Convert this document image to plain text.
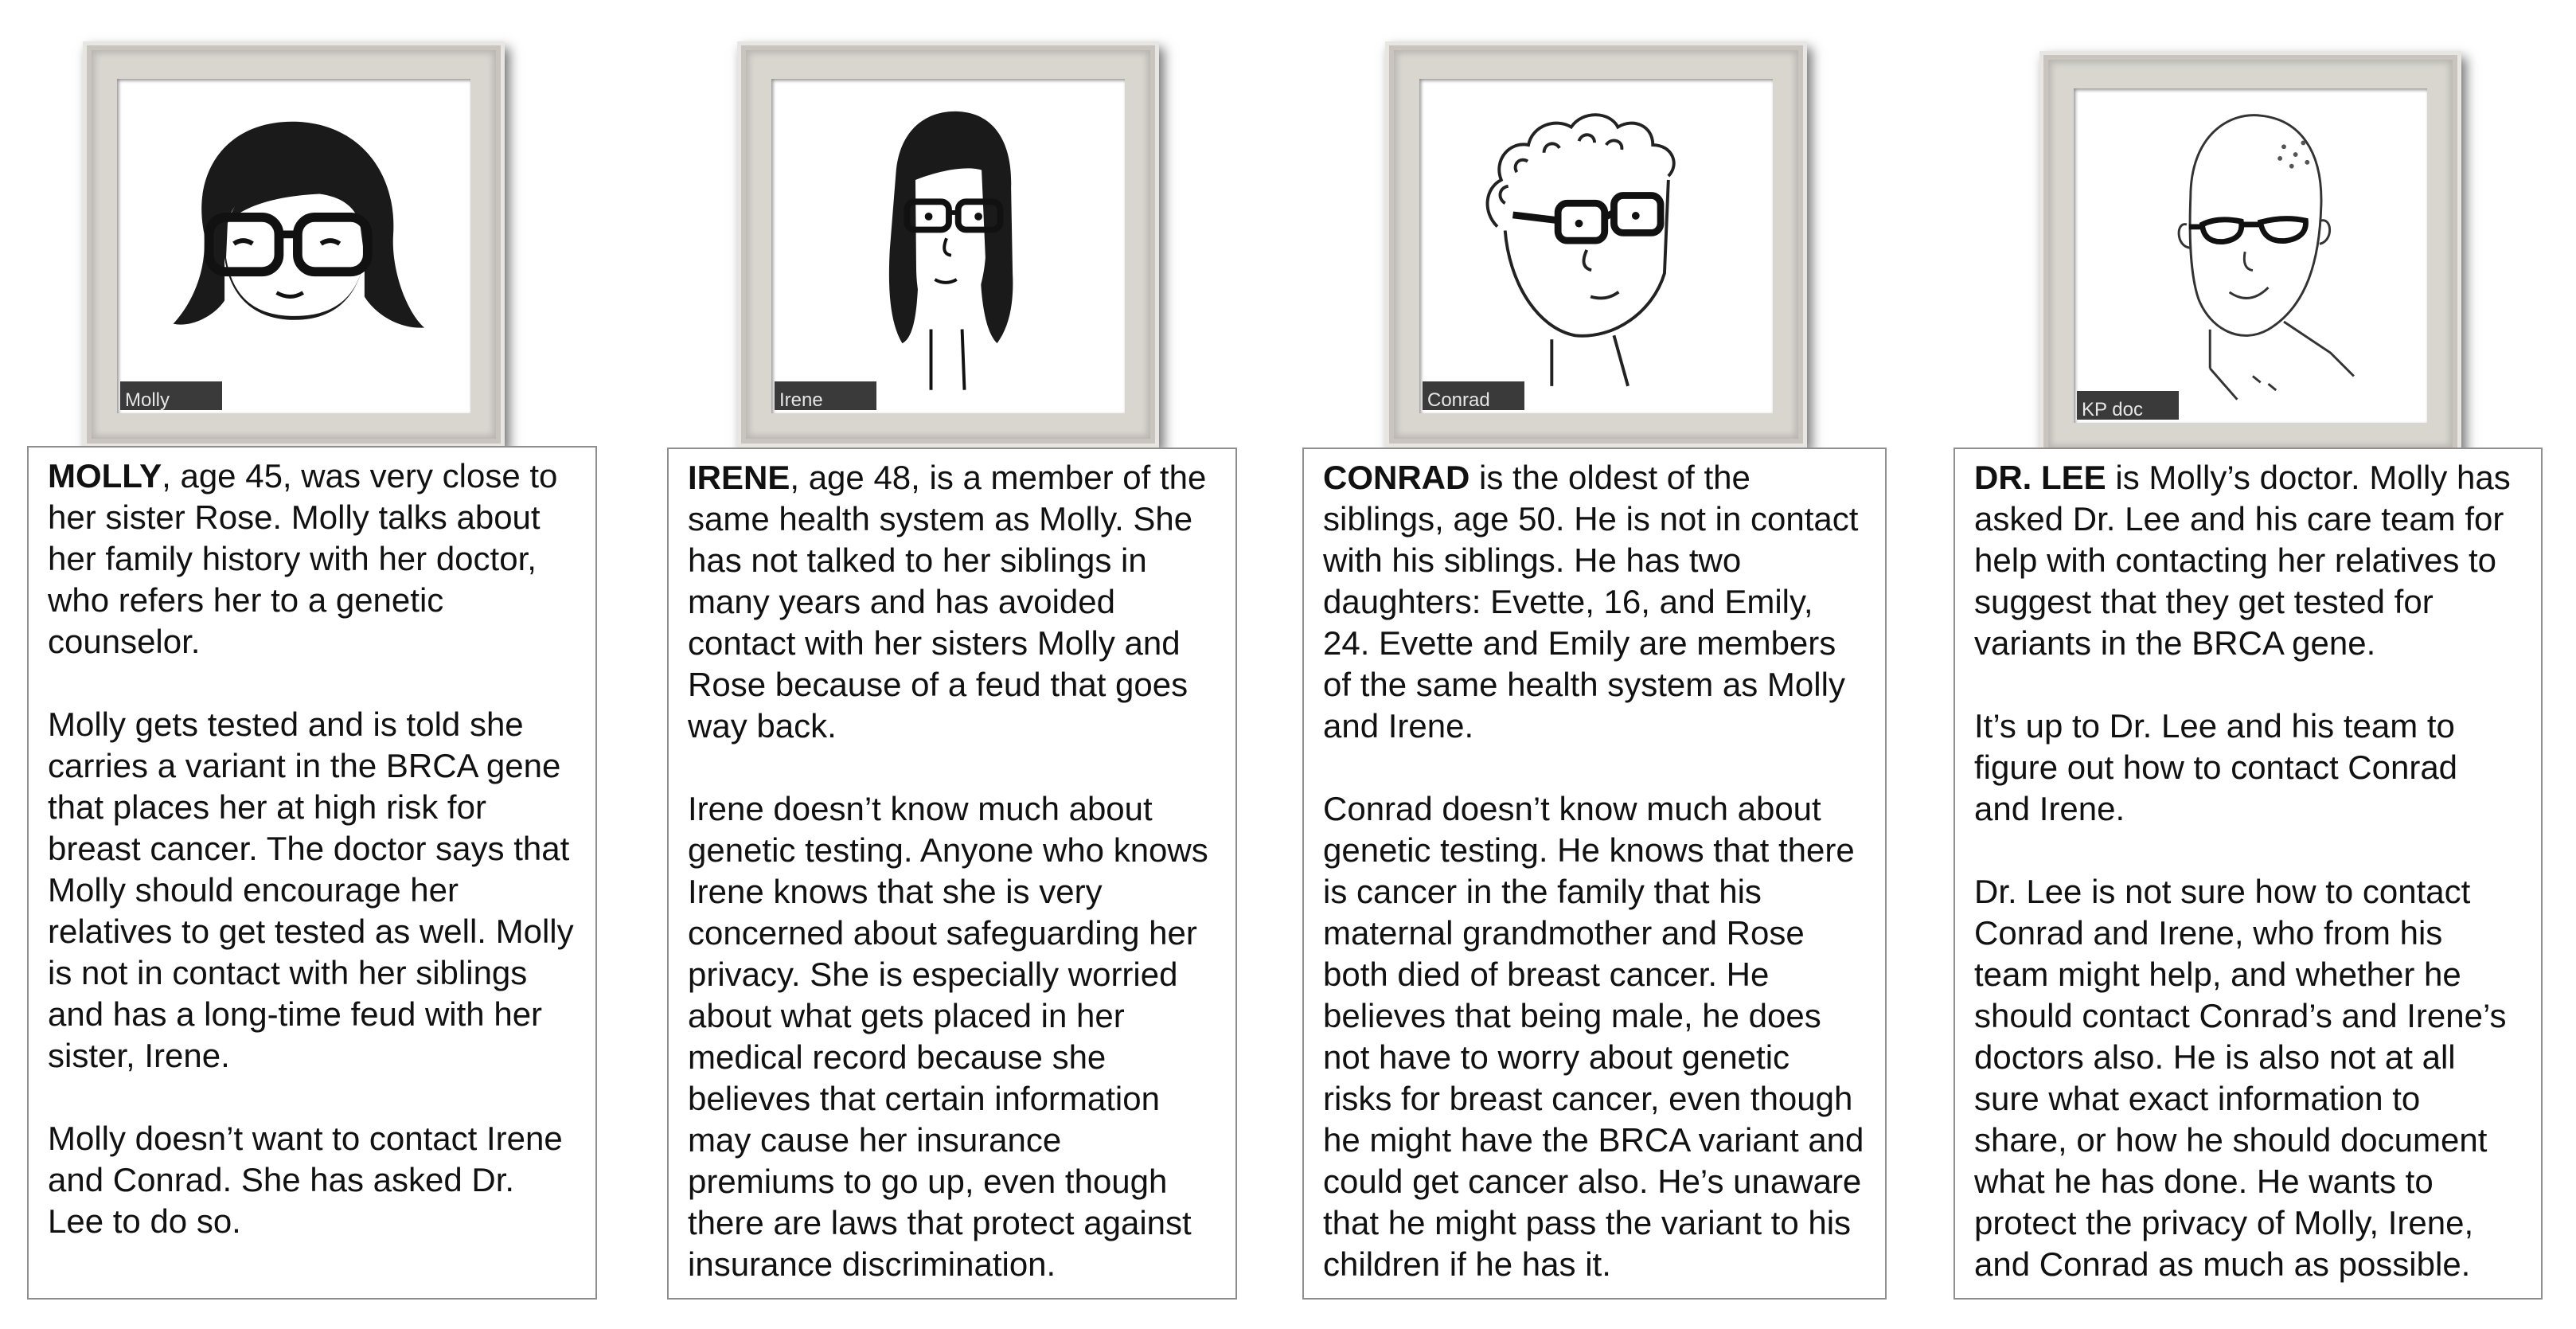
Molly	Irene	Conrad	KP doc

MOLLY, age 45, was very close to her sister Rose. Molly talks about her family history with her doctor, who refers her to a genetic counselor.

Molly gets tested and is told she carries a variant in the BRCA gene that places her at high risk for breast cancer. The doctor says that Molly should encourage her relatives to get tested as well. Molly is not in contact with her siblings and has a long-time feud with her sister, Irene.

Molly doesn’t want to contact Irene and Conrad. She has asked Dr. Lee to do so.

IRENE, age 48, is a member of the same health system as Molly. She has not talked to her siblings in many years and has avoided contact with her sisters Molly and Rose because of a feud that goes way back.

Irene doesn’t know much about genetic testing. Anyone who knows Irene knows that she is very concerned about safeguarding her privacy. She is especially worried about what gets placed in her medical record because she believes that certain information may cause her insurance premiums to go up, even though there are laws that protect against insurance discrimination.

CONRAD is the oldest of the siblings, age 50. He is not in contact with his siblings. He has two daughters: Evette, 16, and Emily, 24. Evette and Emily are members of the same health system as Molly and Irene.

Conrad doesn’t know much about genetic testing. He knows that there is cancer in the family that his maternal grandmother and Rose both died of breast cancer. He believes that being male, he does not have to worry about genetic risks for breast cancer, even though he might have the BRCA variant and could get cancer also. He’s unaware that he might pass the variant to his children if he has it.

DR. LEE is Molly’s doctor. Molly has asked Dr. Lee and his care team for help with contacting her relatives to suggest that they get tested for variants in the BRCA gene.

It’s up to Dr. Lee and his team to figure out how to contact Conrad and Irene.

Dr. Lee is not sure how to contact Conrad and Irene, who from his team might help, and whether he should contact Conrad’s and Irene’s doctors also. He is also not at all sure what exact information to share, or how he should document what he has done. He wants to protect the privacy of Molly, Irene, and Conrad as much as possible.
